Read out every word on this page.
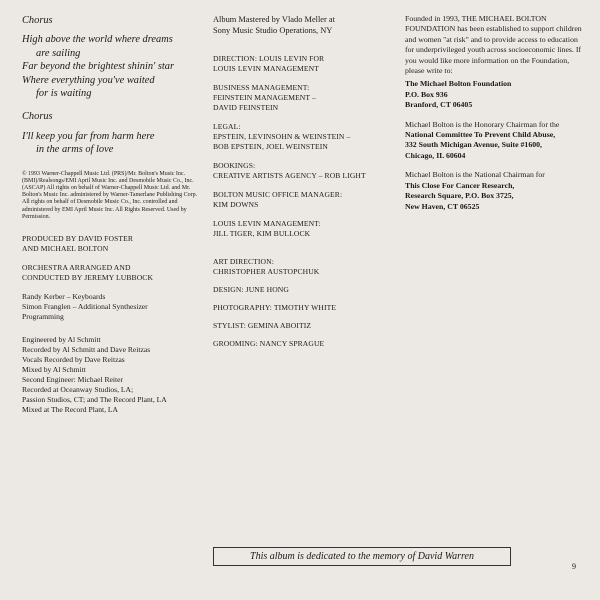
Chorus
High above the world where dreams
are sailing
Far beyond the brightest shinin' star
Where everything you've waited
for is waiting
Chorus
I'll keep you far from harm here
in the arms of love

© 1993 Warner-Chappell Music Ltd. (PRS)/Mr. Bolton's Music Inc. (BMI)/Realsongs/EMI April Music Inc. and Desmobile Music Co., Inc. (ASCAP) All rights on behalf of Warner-Chappell Music Ltd. and Mr. Bolton's Music Inc. administered by Warner-Tamerlane Publishing Corp. All rights on behalf of Desmobile Music Co., Inc. controlled and administered by EMI April Music Inc. All Rights Reserved. Used by Permission.

PRODUCED BY DAVID FOSTER
AND MICHAEL BOLTON
ORCHESTRA ARRANGED AND
CONDUCTED BY JEREMY LUBBOCK
Randy Kerber – Keyboards
Simon Franglen – Additional Synthesizer
Programming
Engineered by Al Schmitt
Recorded by Al Schmitt and Dave Reitzas
Vocals Recorded by Dave Reitzas
Mixed by Al Schmitt
Second Engineer: Michael Reiter
Recorded at Oceanway Studios, LA;
Passion Studios, CT; and The Record Plant, LA
Mixed at The Record Plant, LA
Album Mastered by Vlado Meller at
Sony Music Studio Operations, NY
DIRECTION: LOUIS LEVIN FOR
LOUIS LEVIN MANAGEMENT
BUSINESS MANAGEMENT:
FEINSTEIN MANAGEMENT –
DAVID FEINSTEIN
LEGAL:
EPSTEIN, LEVINSOHN & WEINSTEIN –
BOB EPSTEIN, JOEL WEINSTEIN
BOOKINGS:
CREATIVE ARTISTS AGENCY – ROB LIGHT
BOLTON MUSIC OFFICE MANAGER:
KIM DOWNS
LOUIS LEVIN MANAGEMENT:
JILL TIGER, KIM BULLOCK
ART DIRECTION:
CHRISTOPHER AUSTOPCHUK
DESIGN: JUNE HONG
PHOTOGRAPHY: TIMOTHY WHITE
STYLIST: GEMINA ABOITIZ
GROOMING: NANCY SPRAGUE

Founded in 1993, THE MICHAEL BOLTON FOUNDATION has been established to support children and women "at risk" and to provide access to education for underprivileged youth across socioeconomic lines. If you would like more information on the Foundation, please write to:

The Michael Bolton Foundation
P.O. Box 936
Branford, CT 06405

Michael Bolton is the Honorary Chairman for the

National Committee To Prevent Child Abuse,
332 South Michigan Avenue, Suite #1600,
Chicago, IL 60604

Michael Bolton is the National Chairman for

This Close For Cancer Research,
Research Square, P.O. Box 3725,
New Haven, CT 06525
This album is dedicated to the memory of David Warren
9
